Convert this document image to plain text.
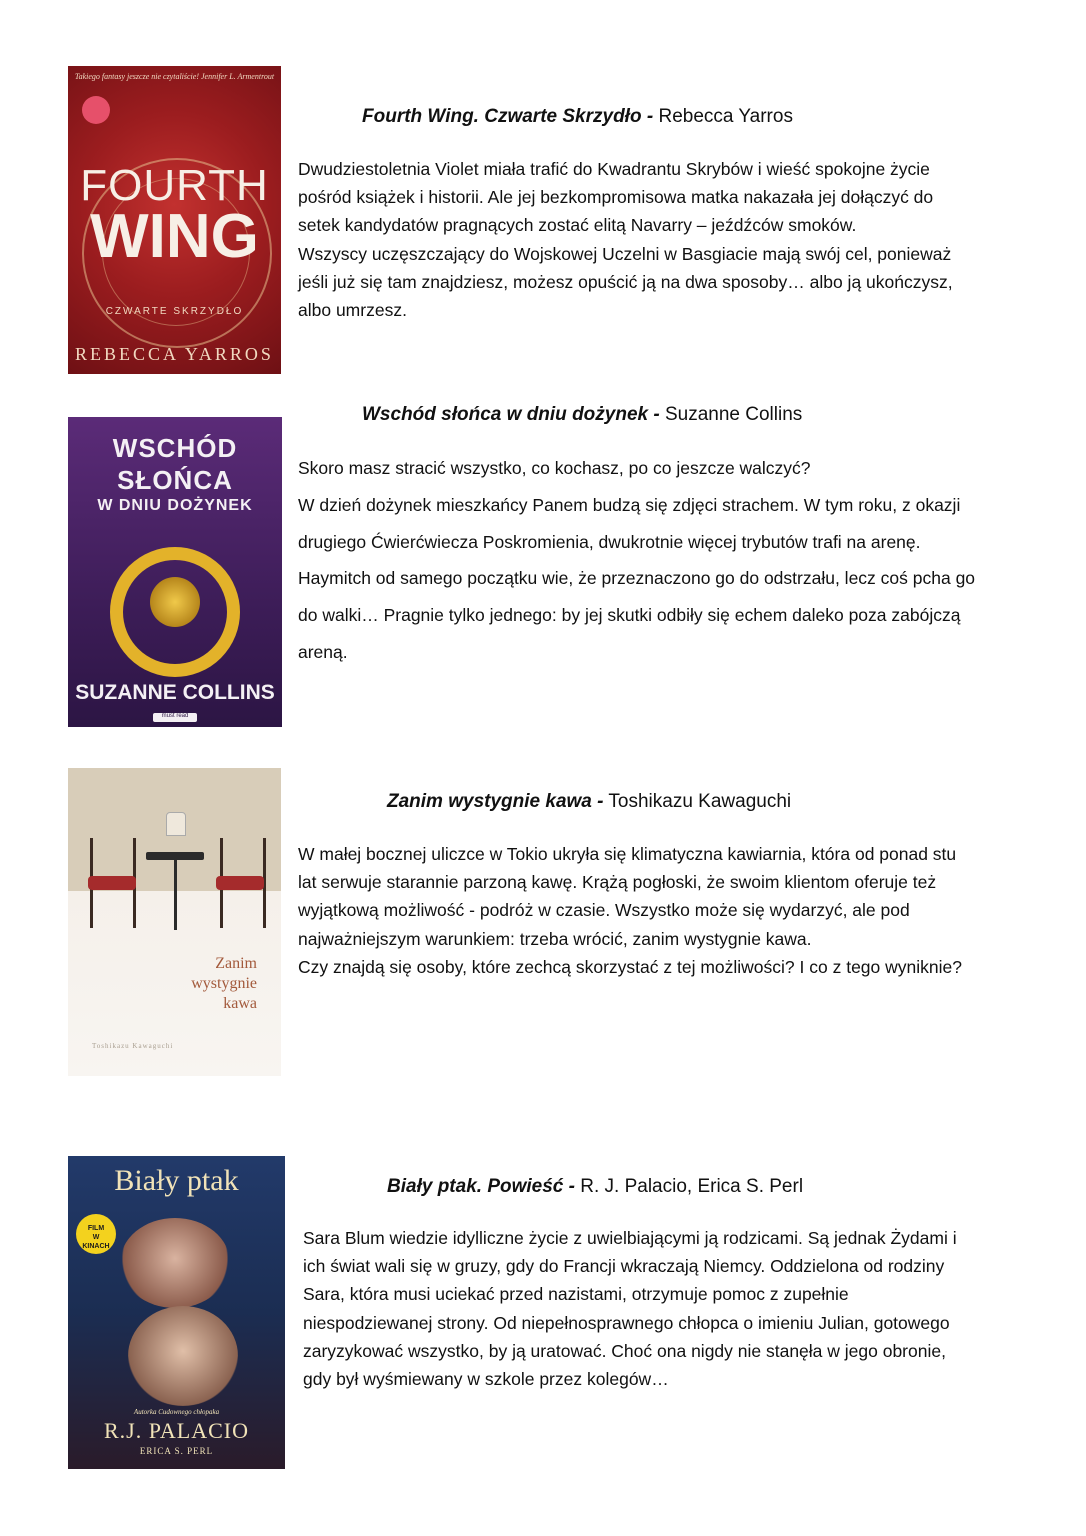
Takiego fantasy jeszcze nie czytaliście! Jennifer L. Armentrout
FOURTH
WING
CZWARTE SKRZYDŁO
REBECCA YARROS
Fourth Wing. Czwarte Skrzydło - Rebecca Yarros

Dwudziestoletnia Violet miała trafić do Kwadrantu Skrybów i wieść spokojne życie pośród książek i historii. Ale jej bezkompromisowa matka nakazała jej dołączyć do setek kandydatów pragnących zostać elitą Navarry – jeźdźców smoków.

Wszyscy uczęszczający do Wojskowej Uczelni w Basgiacie mają swój cel, ponieważ jeśli już się tam znajdziesz, możesz opuścić ją na dwa sposoby… albo ją ukończysz, albo umrzesz.

WSCHÓD
SŁOŃCA
W DNIU DOŻYNEK
SUZANNE COLLINS
must read
Wschód słońca w dniu dożynek - Suzanne Collins

Skoro masz stracić wszystko, co kochasz, po co jeszcze walczyć?

W dzień dożynek mieszkańcy Panem budzą się zdjęci strachem. W tym roku, z okazji drugiego Ćwierćwiecza Poskromienia, dwukrotnie więcej trybutów trafi na arenę.

Haymitch od samego początku wie, że przeznaczono go do odstrzału, lecz coś pcha go do walki… Pragnie tylko jednego: by jej skutki odbiły się echem daleko poza zabójczą areną.

Zanim
wystygnie
kawa
Toshikazu Kawaguchi
Zanim wystygnie kawa - Toshikazu Kawaguchi

W małej bocznej uliczce w Tokio ukryła się klimatyczna kawiarnia, która od ponad stu lat serwuje starannie parzoną kawę. Krążą pogłoski, że swoim klientom oferuje też wyjątkową możliwość - podróż w czasie. Wszystko może się wydarzyć, ale pod najważniejszym warunkiem: trzeba wrócić, zanim wystygnie kawa.

Czy znajdą się osoby, które zechcą skorzystać z tej możliwości? I co z tego wyniknie?

Biały ptak
FILM
W
KINACH
Autorka Cudownego chłopaka
R.J. PALACIO
ERICA S. PERL
Biały ptak. Powieść - R. J. Palacio, Erica S. Perl

Sara Blum wiedzie idylliczne życie z uwielbiającymi ją rodzicami. Są jednak Żydami i ich świat wali się w gruzy, gdy do Francji wkraczają Niemcy. Oddzielona od rodziny Sara, która musi uciekać przed nazistami, otrzymuje pomoc z zupełnie niespodziewanej strony. Od niepełnosprawnego chłopca o imieniu Julian, gotowego zaryzykować wszystko, by ją uratować. Choć ona nigdy nie stanęła w jego obronie, gdy był wyśmiewany w szkole przez kolegów…
